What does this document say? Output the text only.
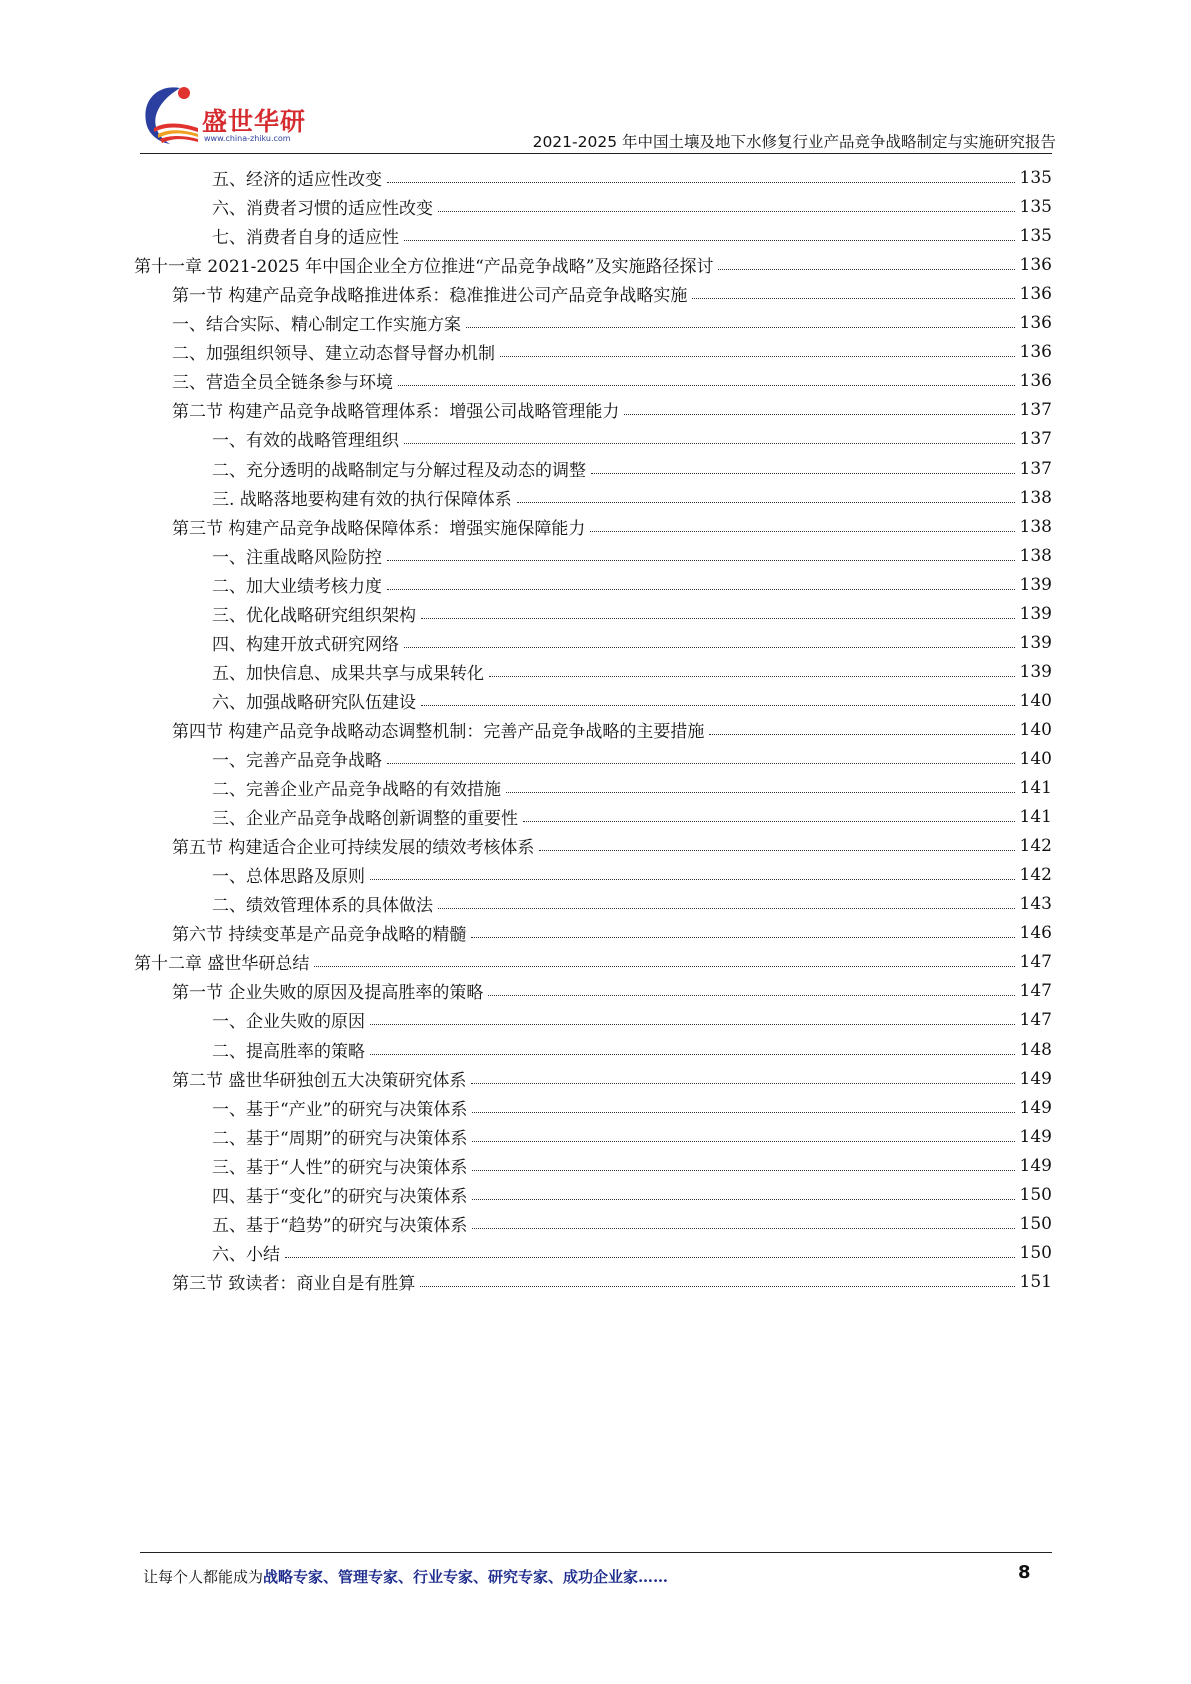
盛世华研
www.china-zhiku.com	2021-2025 年中国土壤及地下水修复行业产品竞争战略制定与实施研究报告
五、经济的适应性改变	135
六、消费者习惯的适应性改变	135
七、消费者自身的适应性	135
第十一章 2021-2025 年中国企业全方位推进“产品竞争战略”及实施路径探讨	136
第一节 构建产品竞争战略推进体系：稳准推进公司产品竞争战略实施	136
一、结合实际、精心制定工作实施方案	136
二、加强组织领导、建立动态督导督办机制	136
三、营造全员全链条参与环境	136
第二节 构建产品竞争战略管理体系：增强公司战略管理能力	137
一、有效的战略管理组织	137
二、充分透明的战略制定与分解过程及动态的调整	137
三. 战略落地要构建有效的执行保障体系	138
第三节 构建产品竞争战略保障体系：增强实施保障能力	138
一、注重战略风险防控	138
二、加大业绩考核力度	139
三、优化战略研究组织架构	139
四、构建开放式研究网络	139
五、加快信息、成果共享与成果转化	139
六、加强战略研究队伍建设	140
第四节 构建产品竞争战略动态调整机制：完善产品竞争战略的主要措施	140
一、完善产品竞争战略	140
二、完善企业产品竞争战略的有效措施	141
三、企业产品竞争战略创新调整的重要性	141
第五节 构建适合企业可持续发展的绩效考核体系	142
一、总体思路及原则	142
二、绩效管理体系的具体做法	143
第六节 持续变革是产品竞争战略的精髓	146
第十二章 盛世华研总结	147
第一节 企业失败的原因及提高胜率的策略	147
一、企业失败的原因	147
二、提高胜率的策略	148
第二节 盛世华研独创五大决策研究体系	149
一、基于“产业”的研究与决策体系	149
二、基于“周期”的研究与决策体系	149
三、基于“人性”的研究与决策体系	149
四、基于“变化”的研究与决策体系	150
五、基于“趋势”的研究与决策体系	150
六、小结	150
第三节 致读者：商业自是有胜算	151
让每个人都能成为战略专家、管理专家、行业专家、研究专家、成功企业家……	8
